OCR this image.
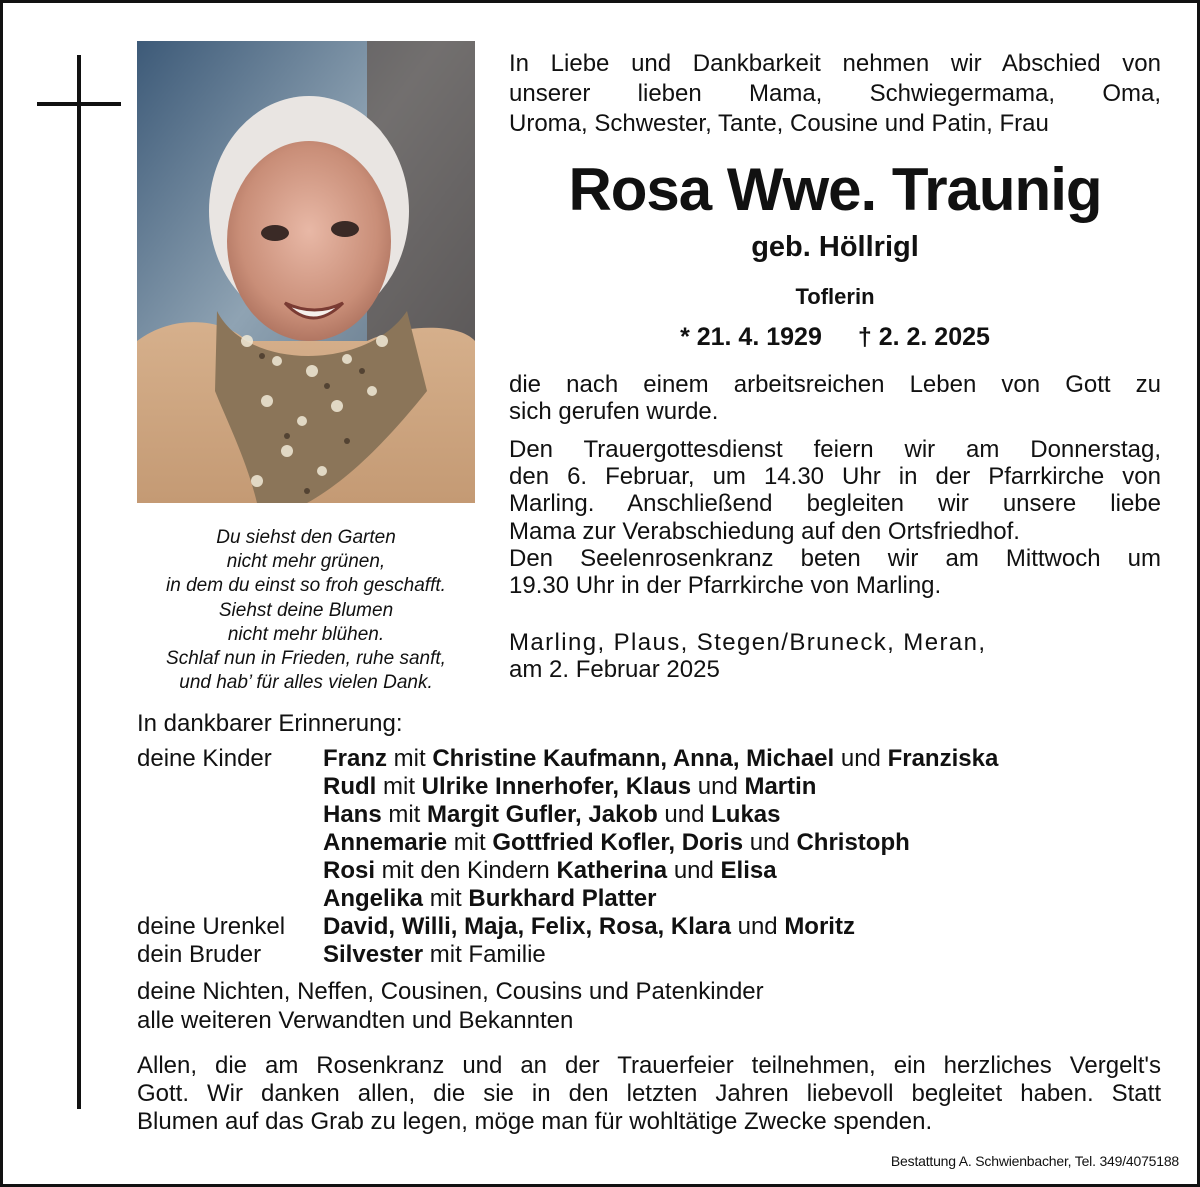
Du siehst den Garten
nicht mehr grünen,
in dem du einst so froh geschafft.
Siehst deine Blumen
nicht mehr blühen.
Schlaf nun in Frieden, ruhe sanft,
und hab’ für alles vielen Dank.
In Liebe und Dankbarkeit nehmen wir Abschied von
unserer lieben Mama, Schwiegermama, Oma,
Uroma, Schwester, Tante, Cousine und Patin, Frau
Rosa Wwe. Traunig
geb. Höllrigl
Toflerin
* 21. 4. 1929 † 2. 2. 2025
die nach einem arbeitsreichen Leben von Gott zu
sich gerufen wurde.
Den Trauergottesdienst feiern wir am Donnerstag,
den 6. Februar, um 14.30 Uhr in der Pfarrkirche von
Marling. Anschließend begleiten wir unsere liebe
Mama zur Verabschiedung auf den Ortsfriedhof.
Den Seelenrosenkranz beten wir am Mittwoch um
19.30 Uhr in der Pfarrkirche von Marling.
Marling, Plaus, Stegen/Bruneck, Meran,
am 2. Februar 2025
In dankbarer Erinnerung:
deine Kinder	Franz mit Christine Kaufmann, Anna, Michael und Franziska
Rudl mit Ulrike Innerhofer, Klaus und Martin
Hans mit Margit Gufler, Jakob und Lukas
Annemarie mit Gottfried Kofler, Doris und Christoph
Rosi mit den Kindern Katherina und Elisa
Angelika mit Burkhard Platter
deine Urenkel	David, Willi, Maja, Felix, Rosa, Klara und Moritz
dein Bruder	Silvester mit Familie
deine Nichten, Neffen, Cousinen, Cousins und Patenkinder
alle weiteren Verwandten und Bekannten
Allen, die am Rosenkranz und an der Trauerfeier teilnehmen, ein herzliches Vergelt's
Gott. Wir danken allen, die sie in den letzten Jahren liebevoll begleitet haben. Statt
Blumen auf das Grab zu legen, möge man für wohltätige Zwecke spenden.
Bestattung A. Schwienbacher, Tel. 349/4075188
